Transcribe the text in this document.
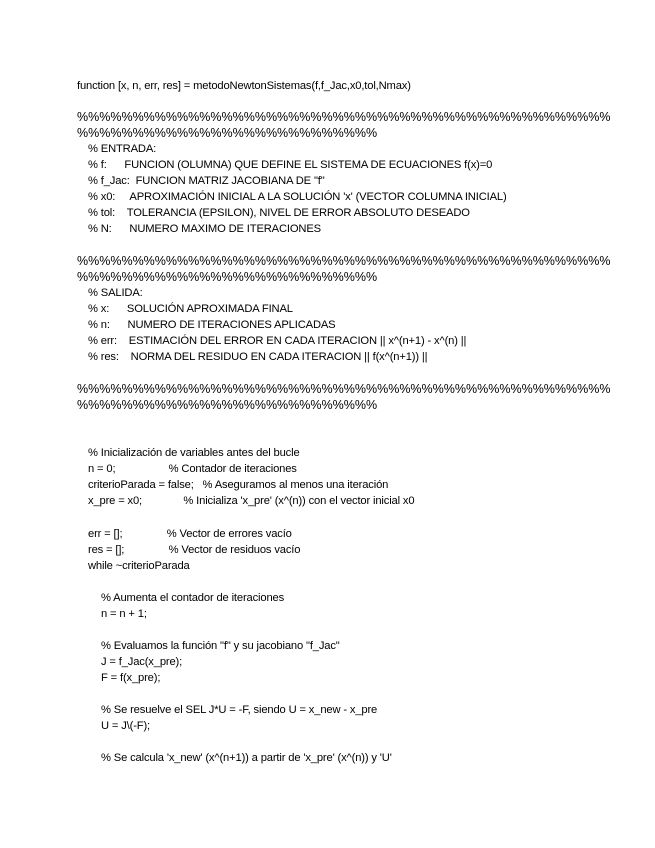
function [x, n, err, res] = metodoNewtonSistemas(f,f_Jac,x0,tol,Nmax)
%%%%%%%%%%%%%%%%%%%%%%%%%%%%%%%%%%%%%%%%%%%%%%%%
%%%%%%%%%%%%%%%%%%%%%%%%%%%
% ENTRADA:
% f:      FUNCION (OLUMNA) QUE DEFINE EL SISTEMA DE ECUACIONES f(x)=0
% f_Jac:  FUNCION MATRIZ JACOBIANA DE "f"
% x0:     APROXIMACIÓN INICIAL A LA SOLUCIÓN 'x' (VECTOR COLUMNA INICIAL)
% tol:    TOLERANCIA (EPSILON), NIVEL DE ERROR ABSOLUTO DESEADO
% N:      NUMERO MAXIMO DE ITERACIONES
%%%%%%%%%%%%%%%%%%%%%%%%%%%%%%%%%%%%%%%%%%%%%%%%
%%%%%%%%%%%%%%%%%%%%%%%%%%%
% SALIDA:
% x:      SOLUCIÓN APROXIMADA FINAL
% n:      NUMERO DE ITERACIONES APLICADAS
% err:    ESTIMACIÓN DEL ERROR EN CADA ITERACION || x^(n+1) - x^(n) ||
% res:    NORMA DEL RESIDUO EN CADA ITERACION || f(x^(n+1)) ||
%%%%%%%%%%%%%%%%%%%%%%%%%%%%%%%%%%%%%%%%%%%%%%%%
%%%%%%%%%%%%%%%%%%%%%%%%%%%
% Inicialización de variables antes del bucle
n = 0;                  % Contador de iteraciones
criterioParada = false;   % Aseguramos al menos una iteración
x_pre = x0;              % Inicializa 'x_pre' (x^(n)) con el vector inicial x0
err = [];               % Vector de errores vacío
res = [];               % Vector de residuos vacío
while ~criterioParada
% Aumenta el contador de iteraciones
n = n + 1;
% Evaluamos la función "f" y su jacobiano "f_Jac"
J = f_Jac(x_pre);
F = f(x_pre);
% Se resuelve el SEL J*U = -F, siendo U = x_new - x_pre
U = J\(-F);
% Se calcula 'x_new' (x^(n+1)) a partir de 'x_pre' (x^(n)) y 'U'
